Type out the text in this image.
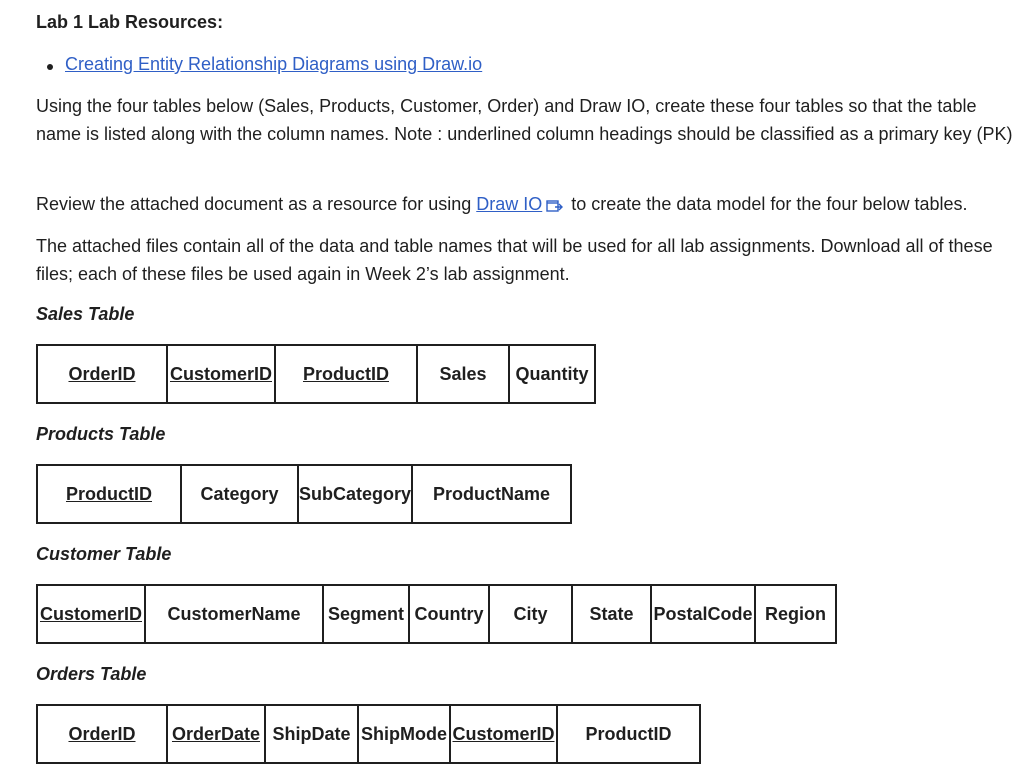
Lab 1 Lab Resources:
Creating Entity Relationship Diagrams using Draw.io
Using the four tables below (Sales, Products, Customer, Order) and Draw IO, create these four tables so that the table name is listed along with the column names. Note : underlined column headings should be classified as a primary key (PK)
Review the attached document as a resource for using Draw IO to create the data model for the four below tables.
The attached files contain all of the data and table names that will be used for all lab assignments. Download all of these files; each of these files be used again in Week 2’s lab assignment.
Sales Table
OrderID	CustomerID	ProductID	Sales	Quantity
Products Table
ProductID	Category	SubCategory	ProductName
Customer Table
CustomerID	CustomerName	Segment	Country	City	State	PostalCode	Region
Orders Table
OrderID	OrderDate	ShipDate	ShipMode	CustomerID	ProductID
